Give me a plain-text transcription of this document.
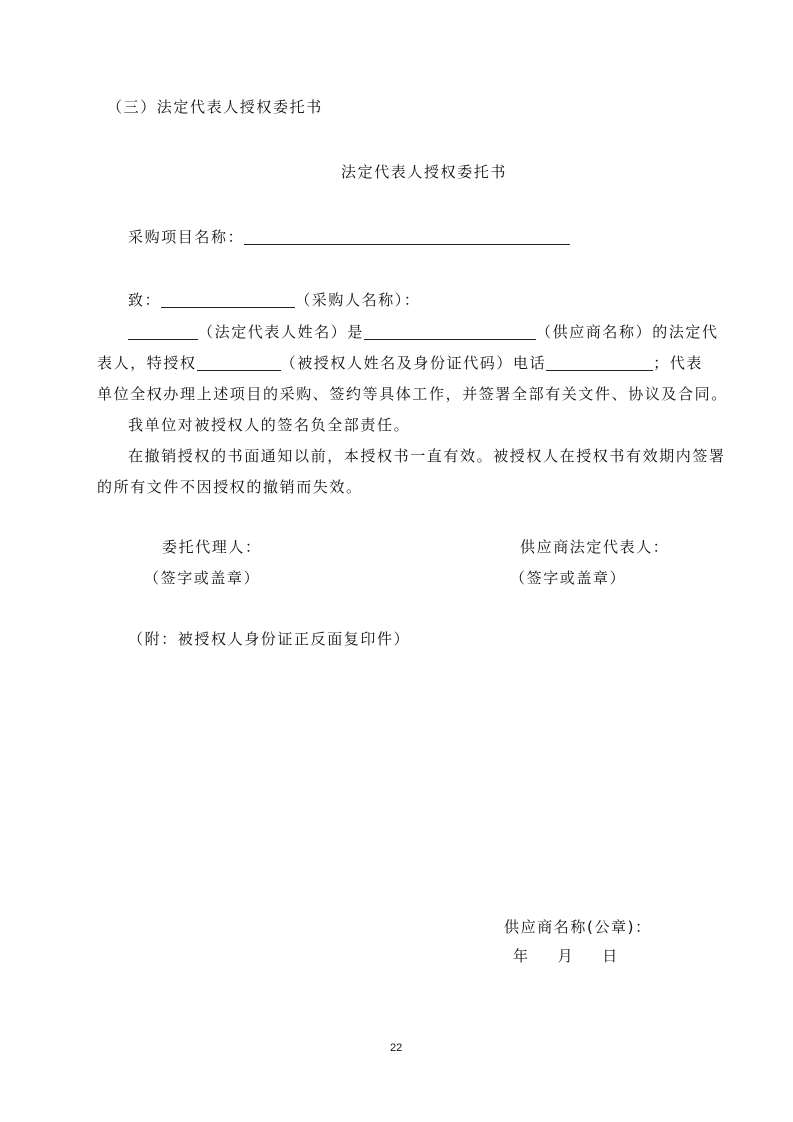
（三）法定代表人授权委托书
法定代表人授权委托书
采购项目名称：
致：	（采购人名称）：
（法定代表人姓名）是	（供应商名称）的法定代
表人，特授权	（被授权人姓名及身份证代码）电话	；代表
单位全权办理上述项目的采购、签约等具体工作，并签署全部有关文件、协议及合同。
我单位对被授权人的签名负全部责任。
在撤销授权的书面通知以前，本授权书一直有效。被授权人在授权书有效期内签署
的所有文件不因授权的撤销而失效。
委托代理人：
（签字或盖章）
供应商法定代表人：
（签字或盖章）
（附：被授权人身份证正反面复印件）
供应商名称(公章)：
年 月 日
22
